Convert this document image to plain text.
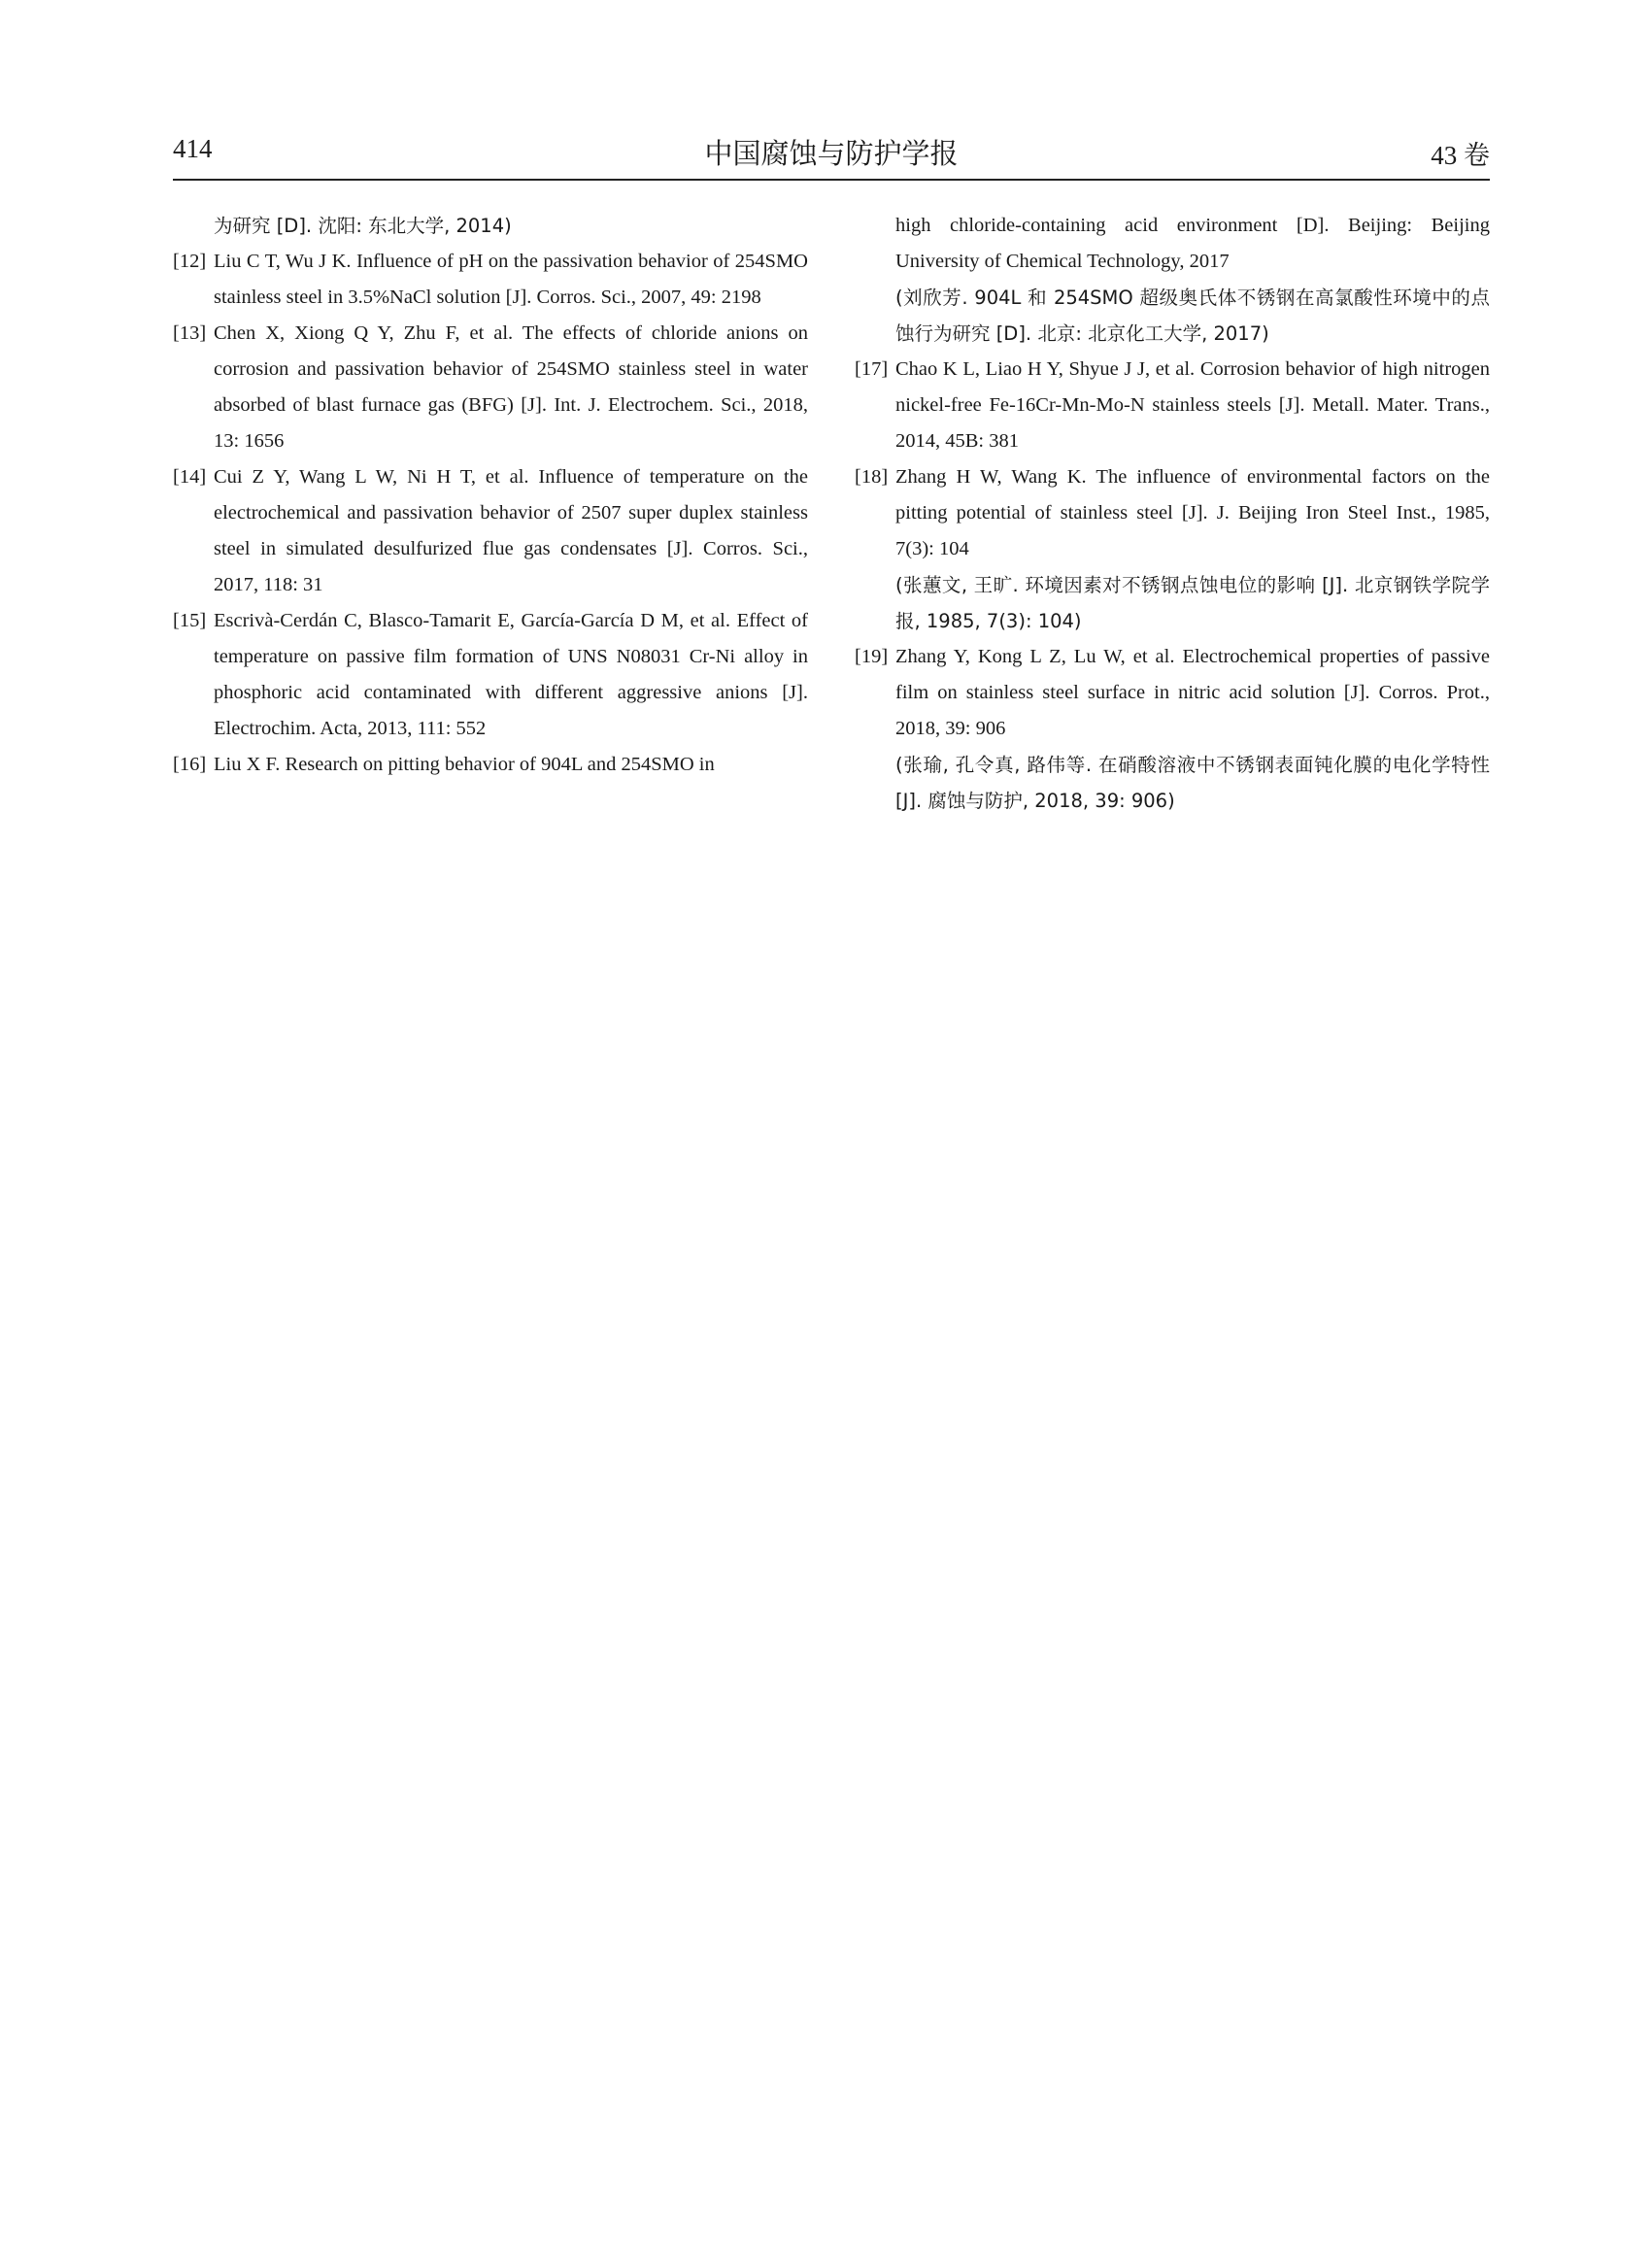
414	中国腐蚀与防护学报	43 卷

为研究 [D]. 沈阳: 东北大学, 2014)

[12] Liu C T, Wu J K. Influence of pH on the passivation behavior of 254SMO stainless steel in 3.5%NaCl solution [J]. Corros. Sci., 2007, 49: 2198
[13] Chen X, Xiong Q Y, Zhu F, et al. The effects of chloride anions on corrosion and passivation behavior of 254SMO stainless steel in water absorbed of blast furnace gas (BFG) [J]. Int. J. Electrochem. Sci., 2018, 13: 1656
[14] Cui Z Y, Wang L W, Ni H T, et al. Influence of temperature on the electrochemical and passivation behavior of 2507 super duplex stainless steel in simulated desulfurized flue gas condensates [J]. Corros. Sci., 2017, 118: 31
[15] Escrivà-Cerdán C, Blasco-Tamarit E, García-García D M, et al. Effect of temperature on passive film formation of UNS N08031 Cr-Ni alloy in phosphoric acid contaminated with different aggressive anions [J]. Electrochim. Acta, 2013, 111: 552
[16] Liu X F. Research on pitting behavior of 904L and 254SMO in

high chloride-containing acid environment [D]. Beijing: Beijing University of Chemical Technology, 2017

(刘欣芳. 904L 和 254SMO 超级奥氏体不锈钢在高氯酸性环境中的点蚀行为研究 [D]. 北京: 北京化工大学, 2017)

[17] Chao K L, Liao H Y, Shyue J J, et al. Corrosion behavior of high nitrogen nickel-free Fe-16Cr-Mn-Mo-N stainless steels [J]. Metall. Mater. Trans., 2014, 45B: 381
[18] Zhang H W, Wang K. The influence of environmental factors on the pitting potential of stainless steel [J]. J. Beijing Iron Steel Inst., 1985, 7(3): 104
(张蕙文, 王旷. 环境因素对不锈钢点蚀电位的影响 [J]. 北京钢铁学院学报, 1985, 7(3): 104)
[19] Zhang Y, Kong L Z, Lu W, et al. Electrochemical properties of passive film on stainless steel surface in nitric acid solution [J]. Corros. Prot., 2018, 39: 906
(张瑜, 孔令真, 路伟等. 在硝酸溶液中不锈钢表面钝化膜的电化学特性 [J]. 腐蚀与防护, 2018, 39: 906)
